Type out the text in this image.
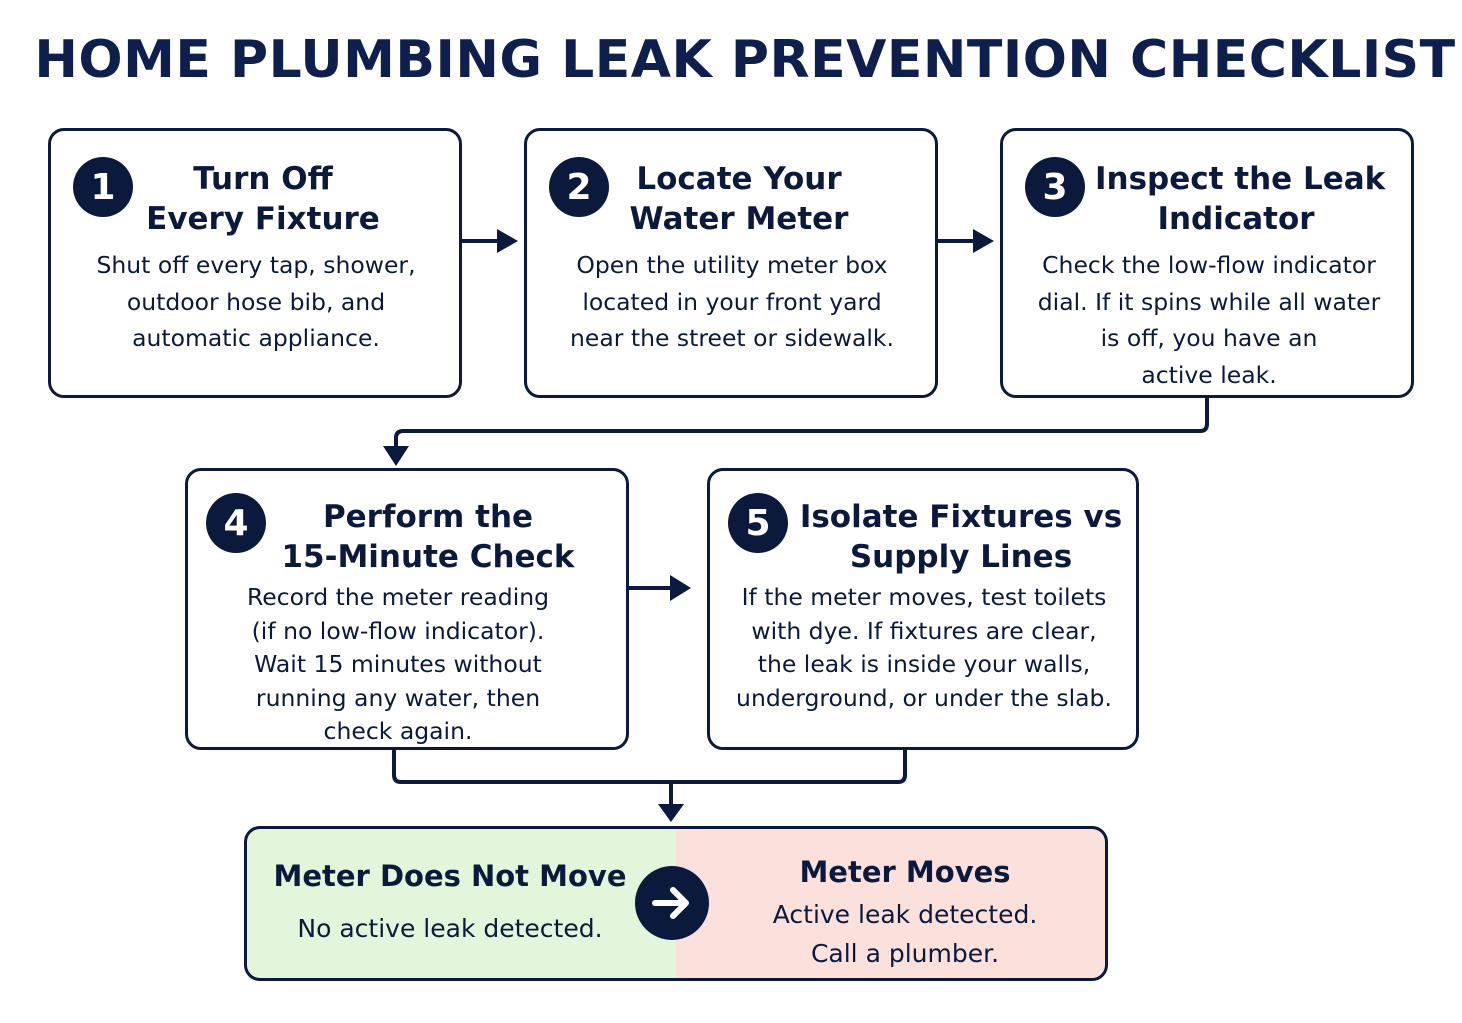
HOME PLUMBING LEAK PREVENTION CHECKLIST
1	Turn Off
Every Fixture
Shut off every tap, shower,
outdoor hose bib, and
automatic appliance.
2	Locate Your
Water Meter
Open the utility meter box
located in your front yard
near the street or sidewalk.
3 Inspect the Leak
Indicator
Check the low-flow indicator
dial. If it spins while all water
is off, you have an
active leak.
4	Perform the
15-Minute Check
Record the meter reading
(if no low-flow indicator).
Wait 15 minutes without
running any water, then
check again.
5 Isolate Fixtures vs
Supply Lines
If the meter moves, test toilets
with dye. If fixtures are clear,
the leak is inside your walls,
underground, or under the slab.
Meter Does Not Move
No active leak detected.
Meter Moves
Active leak detected.
Call a plumber.
